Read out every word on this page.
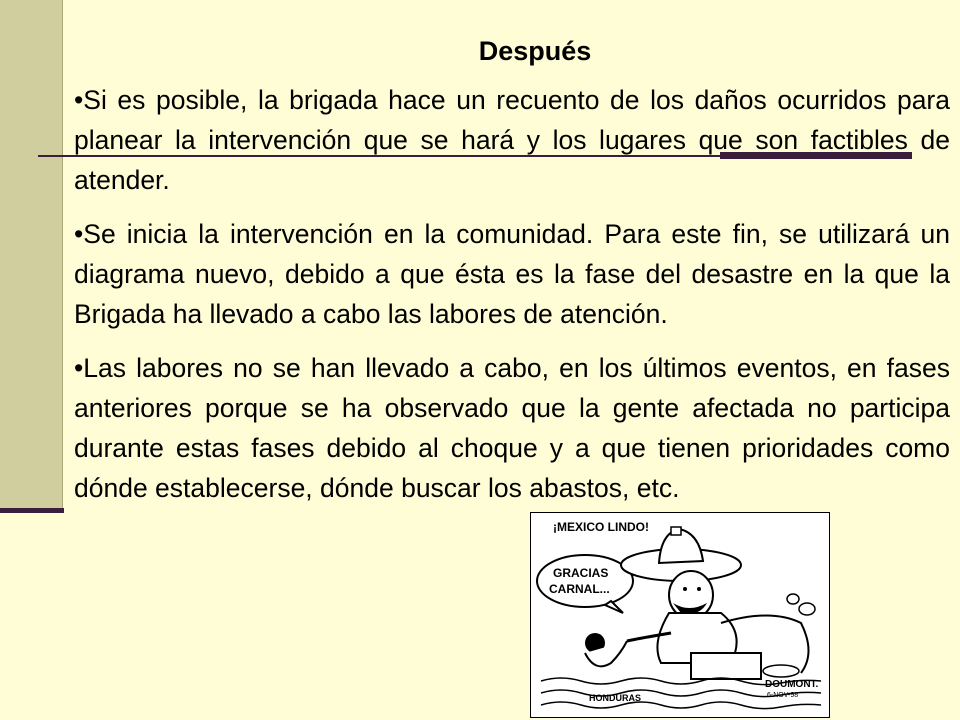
Después

•Si es posible, la brigada hace un recuento de los daños ocurridos para planear la intervención que se hará y los lugares que son factibles de atender.

•Se inicia la intervención en la comunidad. Para este fin, se utilizará un diagrama nuevo, debido a que ésta es la fase del desastre en la que la Brigada ha llevado a cabo las labores de atención.

•Las labores no se han llevado a cabo, en los últimos eventos, en fases anteriores porque se ha observado que la gente afectada no participa durante estas fases debido al choque y a que tienen prioridades como dónde establecerse, dónde buscar los abastos, etc.

¡MEXICO LINDO!
GRACIAS
CARNAL...
HONDURAS
DOUMONT.
6-NOV-98
